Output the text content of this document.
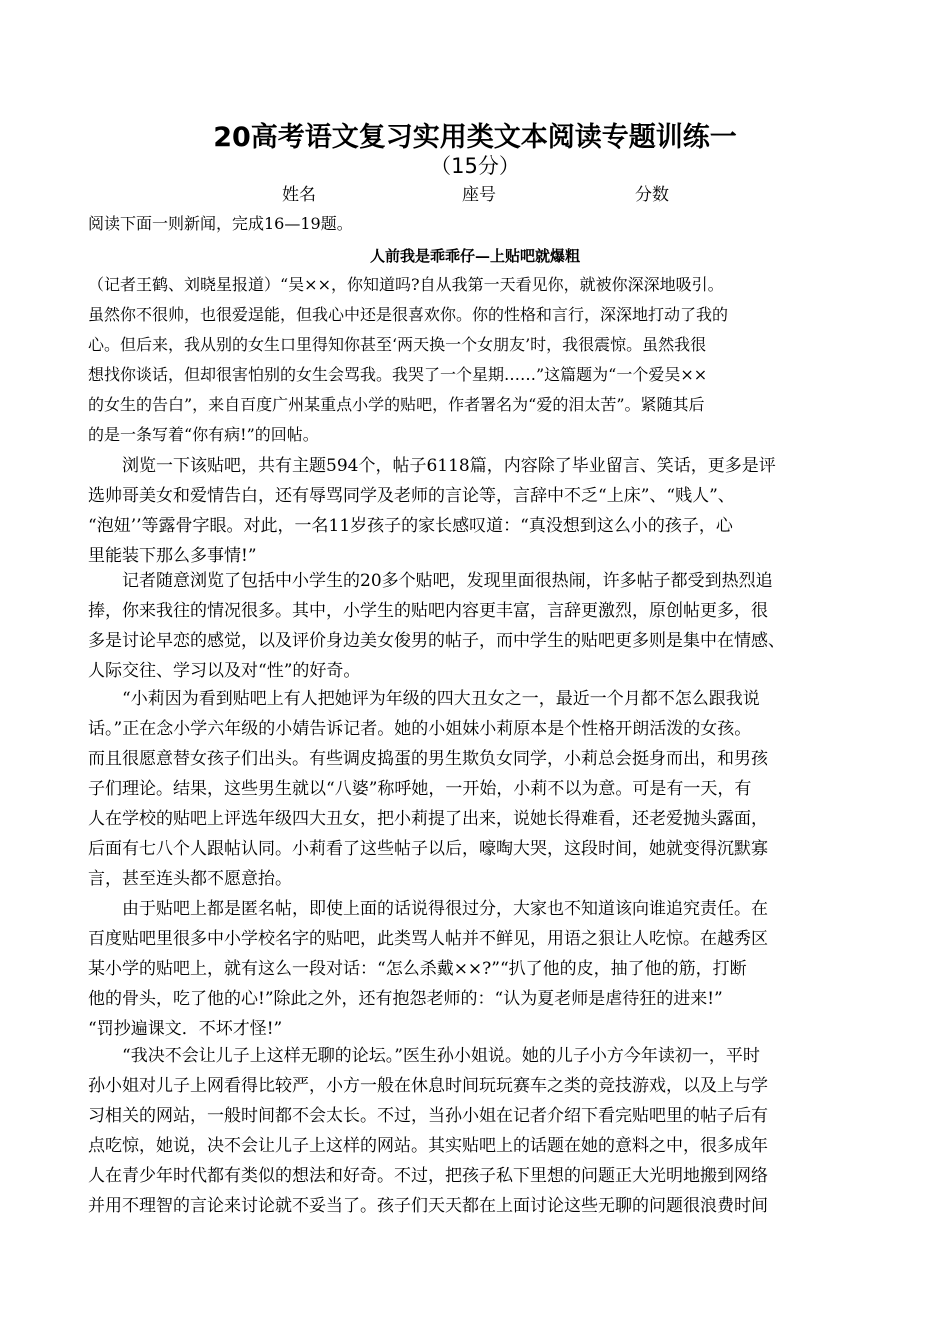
20高考语文复习实用类文本阅读专题训练一
（15分）
姓名	座号	分数
阅读下面一则新闻，完成16—19题。
人前我是乖乖仔—上贴吧就爆粗
（记者王鹤、刘晓星报道）“吴××，你知道吗?自从我第一天看见你，就被你深深地吸引。
虽然你不很帅，也很爱逞能，但我心中还是很喜欢你。你的性格和言行，深深地打动了我的
心。但后来，我从别的女生口里得知你甚至‘两天换一个女朋友’时，我很震惊。虽然我很
想找你谈话，但却很害怕别的女生会骂我。我哭了一个星期……”这篇题为“一个爱吴××
的女生的告白”，来自百度广州某重点小学的贴吧，作者署名为“爱的泪太苦”。紧随其后
的是一条写着“你有病!”的回帖。
　　浏览一下该贴吧，共有主题594个，帖子6118篇，内容除了毕业留言、笑话，更多是评
选帅哥美女和爱情告白，还有辱骂同学及老师的言论等，言辞中不乏“上床”、“贱人”、
“泡妞’’等露骨字眼。对此，一名11岁孩子的家长感叹道：“真没想到这么小的孩子，心
里能装下那么多事情!”
　　记者随意浏览了包括中小学生的20多个贴吧，发现里面很热闹，许多帖子都受到热烈追
捧，你来我往的情况很多。其中，小学生的贴吧内容更丰富，言辞更激烈，原创帖更多，很
多是讨论早恋的感觉，以及评价身边美女俊男的帖子，而中学生的贴吧更多则是集中在情感、
人际交往、学习以及对“性”的好奇。
　　“小莉因为看到贴吧上有人把她评为年级的四大丑女之一，最近一个月都不怎么跟我说
话。”正在念小学六年级的小婧告诉记者。她的小姐妹小莉原本是个性格开朗活泼的女孩。
而且很愿意替女孩子们出头。有些调皮捣蛋的男生欺负女同学，小莉总会挺身而出，和男孩
子们理论。结果，这些男生就以“八婆”称呼她，一开始，小莉不以为意。可是有一天，有
人在学校的贴吧上评选年级四大丑女，把小莉提了出来，说她长得难看，还老爱抛头露面，
后面有七八个人跟帖认同。小莉看了这些帖子以后，嚎啕大哭，这段时间，她就变得沉默寡
言，甚至连头都不愿意抬。
　　由于贴吧上都是匿名帖，即使上面的话说得很过分，大家也不知道该向谁追究责任。在
百度贴吧里很多中小学校名字的贴吧，此类骂人帖并不鲜见，用语之狠让人吃惊。在越秀区
某小学的贴吧上，就有这么一段对话：“怎么杀戴××?”“扒了他的皮，抽了他的筋，打断
他的骨头，吃了他的心!”除此之外，还有抱怨老师的：“认为夏老师是虐待狂的进来!”
“罚抄遍课文．不坏才怪!”
　　“我决不会让儿子上这样无聊的论坛。”医生孙小姐说。她的儿子小方今年读初一，平时
孙小姐对儿子上网看得比较严，小方一般在休息时间玩玩赛车之类的竞技游戏，以及上与学
习相关的网站，一般时间都不会太长。不过，当孙小姐在记者介绍下看完贴吧里的帖子后有
点吃惊，她说，决不会让儿子上这样的网站。其实贴吧上的话题在她的意料之中，很多成年
人在青少年时代都有类似的想法和好奇。不过，把孩子私下里想的问题正大光明地搬到网络
并用不理智的言论来讨论就不妥当了。孩子们天天都在上面讨论这些无聊的问题很浪费时间
